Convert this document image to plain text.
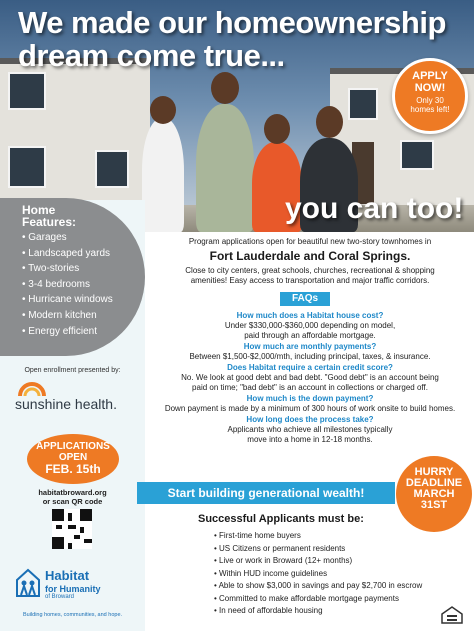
We made our homeownership
dream come true...
APPLY
NOW!
Only 30
homes left!
you can too!
Home
Features:
• Garages
• Landscaped yards
• Two-stories
• 3-4 bedrooms
• Hurricane windows
• Modern kitchen
• Energy efficient

Open enrollment presented by:

sunshine health.
APPLICATIONS
OPEN
FEB. 15th

habitatbroward.org
or scan QR code

Habitat
for Humanity
of Broward

Building homes, communities, and hope.

Program applications open for beautiful new two-story townhomes in

Fort Lauderdale and Coral Springs.

Close to city centers, great schools, churches, recreational & shopping

amenities! Easy access to transportation and major traffic corridors.

FAQs

How much does a Habitat house cost?

Under $330,000-$360,000 depending on model,

paid through an affordable mortgage.

How much are monthly payments?

Between $1,500-$2,000/mth, including principal, taxes, & insurance.

Does Habitat require a certain credit score?

No. We look at good debt and bad debt. "Good debt" is an account being

paid on time; "bad debt" is an account in collections or charged off.

How much is the down payment?

Down payment is made by a minimum of 300 hours of work onsite to build homes.

How long does the process take?

Applicants who achieve all milestones typically

move into a home in 12-18 months.

Start building generational wealth!

HURRY
DEADLINE
MARCH
31ST

Successful Applicants must be:

• First-time home buyers
• US Citizens or permanent residents
• Live or work in Broward (12+ months)
• Within HUD income guidelines
• Able to show $3,000 in savings and pay $2,700 in escrow
• Committed to make affordable mortgage payments
• In need of affordable housing
